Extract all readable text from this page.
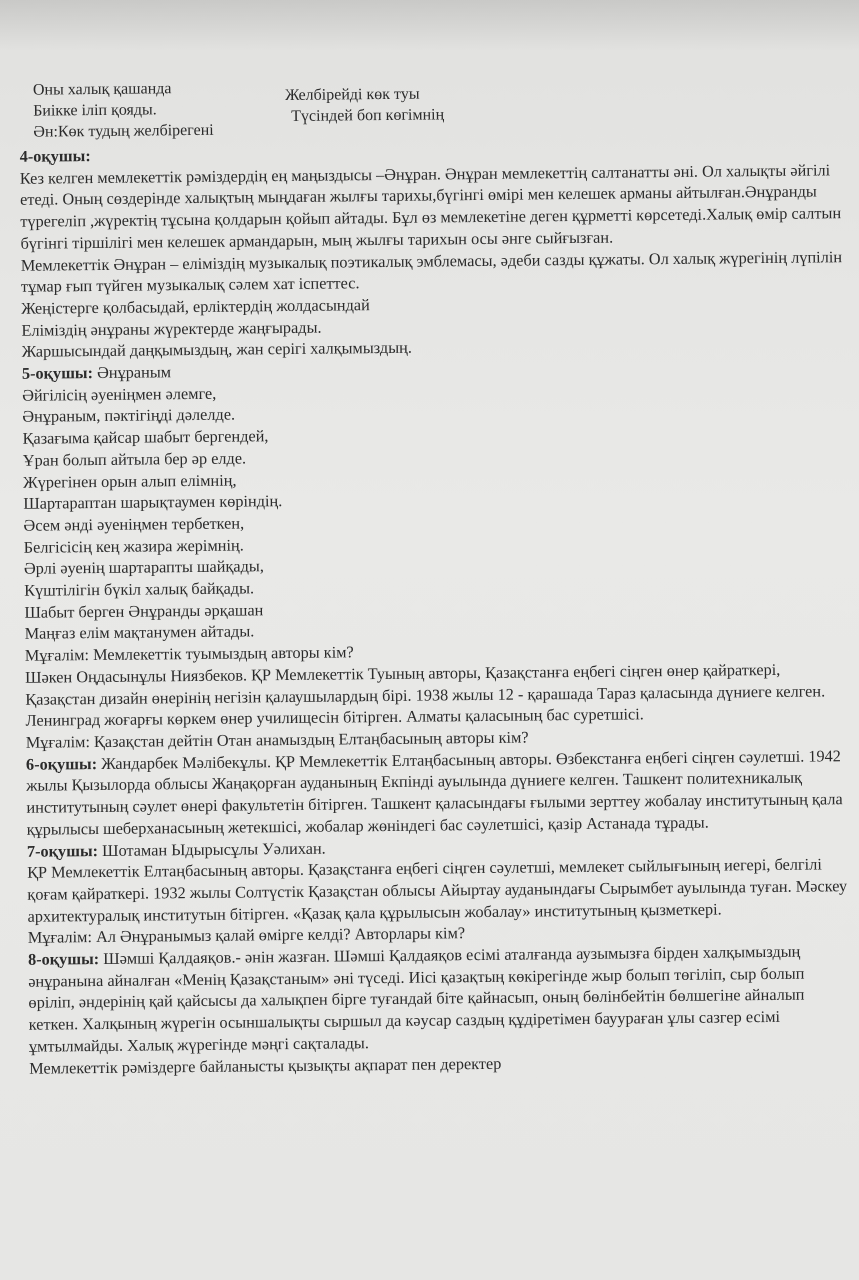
Оны халық қашанда
Биікке іліп қояды.
Ән:Көк тудың желбірегені
Желбірейді көк туы
Түсіндей боп көгімнің

4-оқушы:

Кез келген мемлекеттік рәміздердің ең маңыздысы –Әнұран. Әнұран мемлекеттің салтанатты әні. Ол халықты әйгілі етеді. Оның сөздерінде халықтың мыңдаған жылғы тарихы,бүгінгі өмірі мен келешек арманы айтылған.Әнұранды түрегеліп ,жүректің тұсына қолдарын қойып айтады. Бұл өз мемлекетіне деген құрметті көрсетеді.Халық өмір салтын бүгінгі тіршілігі мен келешек армандарын, мың жылғы тарихын осы әнге сыйғызған.

Мемлекеттік Әнұран – еліміздің музыкалық поэтикалық эмблемасы, әдеби сазды құжаты. Ол халық жүрегінің лүпілін тұмар ғып түйген музыкалық сәлем хат іспеттес.

Жеңістерге қолбасыдай, ерліктердің жолдасындай

Еліміздің әнұраны жүректерде жаңғырады.

Жаршысындай даңқымыздың, жан серігі халқымыздың.

5-оқушы: Әнұраным

Әйгілісің әуеніңмен әлемге,

Әнұраным, пәктігіңді дәлелде.

Қазағыма қайсар шабыт бергендей,

Ұран болып айтыла бер әр елде.

Жүрегінен орын алып елімнің,

Шартараптан шарықтаумен көріндің.

Әсем әнді әуеніңмен тербеткен,

Белгісісің кең жазира жерімнің.

Әрлі әуенің шартарапты шайқады,

Күштілігін бүкіл халық байқады.

Шабыт берген Әнұранды әрқашан

Маңғаз елім мақтанумен айтады.

Мұғалім: Мемлекеттік туымыздың авторы кім?

Шәкен Оңдасынұлы Ниязбеков. ҚР Мемлекеттік Туының авторы, Қазақстанға еңбегі сіңген өнер қайраткері, Қазақстан дизайн өнерінің негізін қалаушылардың бірі. 1938 жылы 12 - қарашада Тараз қаласында дүниеге келген. Ленинград жоғарғы көркем өнер училищесін бітірген. Алматы қаласының бас суретшісі.

Мұғалім: Қазақстан дейтін Отан анамыздың Елтаңбасының авторы кім?

6-оқушы: Жандарбек Мәлібекұлы. ҚР Мемлекеттік Елтаңбасының авторы. Өзбекстанға еңбегі сіңген сәулетші. 1942 жылы Қызылорда облысы Жаңақорған ауданының Екпінді ауылында дүниеге келген. Ташкент политехникалық институтының сәулет өнері факультетін бітірген. Ташкент қаласындағы ғылыми зерттеу жобалау институтының қала құрылысы шеберханасының жетекшісі, жобалар жөніндегі бас сәулетшісі, қазір Астанада тұрады.

7-оқушы: Шотаман Ыдырысұлы Уәлихан.

ҚР Мемлекеттік Елтаңбасының авторы. Қазақстанға еңбегі сіңген сәулетші, мемлекет сыйлығының иегері, белгілі қоғам қайраткері. 1932 жылы Солтүстік Қазақстан облысы Айыртау ауданындағы Сырымбет ауылында туған. Мәскеу архитектуралық институтын бітірген. «Қазақ қала құрылысын жобалау» институтының қызметкері.

Мұғалім: Ал Әнұранымыз қалай өмірге келді? Авторлары кім?

8-оқушы: Шәмші Қалдаяқов.- әнін жазған. Шәмші Қалдаяқов есімі аталғанда аузымызға бірден халқымыздың әнұранына айналған «Менің Қазақстаным» әні түседі. Иісі қазақтың көкірегінде жыр болып төгіліп, сыр болып өріліп, әндерінің қай қайсысы да халықпен бірге туғандай біте қайнасып, оның бөлінбейтін бөлшегіне айналып кеткен. Халқының жүрегін осыншалықты сыршыл да кәусар саздың құдіретімен бауураған ұлы сазгер есімі ұмтылмайды. Халық жүрегінде мәңгі сақталады.

Мемлекеттік рәміздерге байланысты қызықты ақпарат пен деректер
